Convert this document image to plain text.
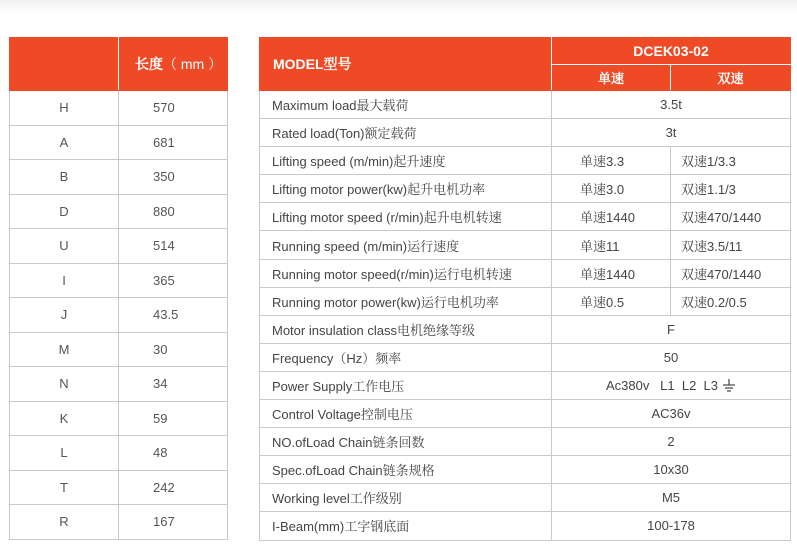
	长度（ mm ）
H	570
A	681
B	350
D	880
U	514
I	365
J	43.5
M	30
N	34
K	59
L	48
T	242
R	167
MODEL型号	DCEK03-02	
	单速	双速
Maximum load最大载荷	3.5t	
Rated load(Ton)额定载荷	3t	
Lifting speed (m/min)起升速度	单速3.3	双速1/3.3
Lifting motor power(kw)起升电机功率	单速3.0	双速1.1/3
Lifting motor speed (r/min)起升电机转速	单速1440	双速470/1440
Running speed (m/min)运行速度	单速11	双速3.5/11
Running motor speed(r/min)运行电机转速	单速1440	双速470/1440
Running motor power(kw)运行电机功率	单速0.5	双速0.2/0.5
Motor insulation class电机绝缘等级	F	
Frequency（Hz）频率	50	
Power Supply工作电压	Ac380v   L1  L2  L3	
Control Voltage控制电压	AC36v	
NO.ofLoad Chain链条回数	2	
Spec.ofLoad Chain链条规格	10x30	
Working level工作级别	M5	
I-Beam(mm)工字钢底面	100-178	
